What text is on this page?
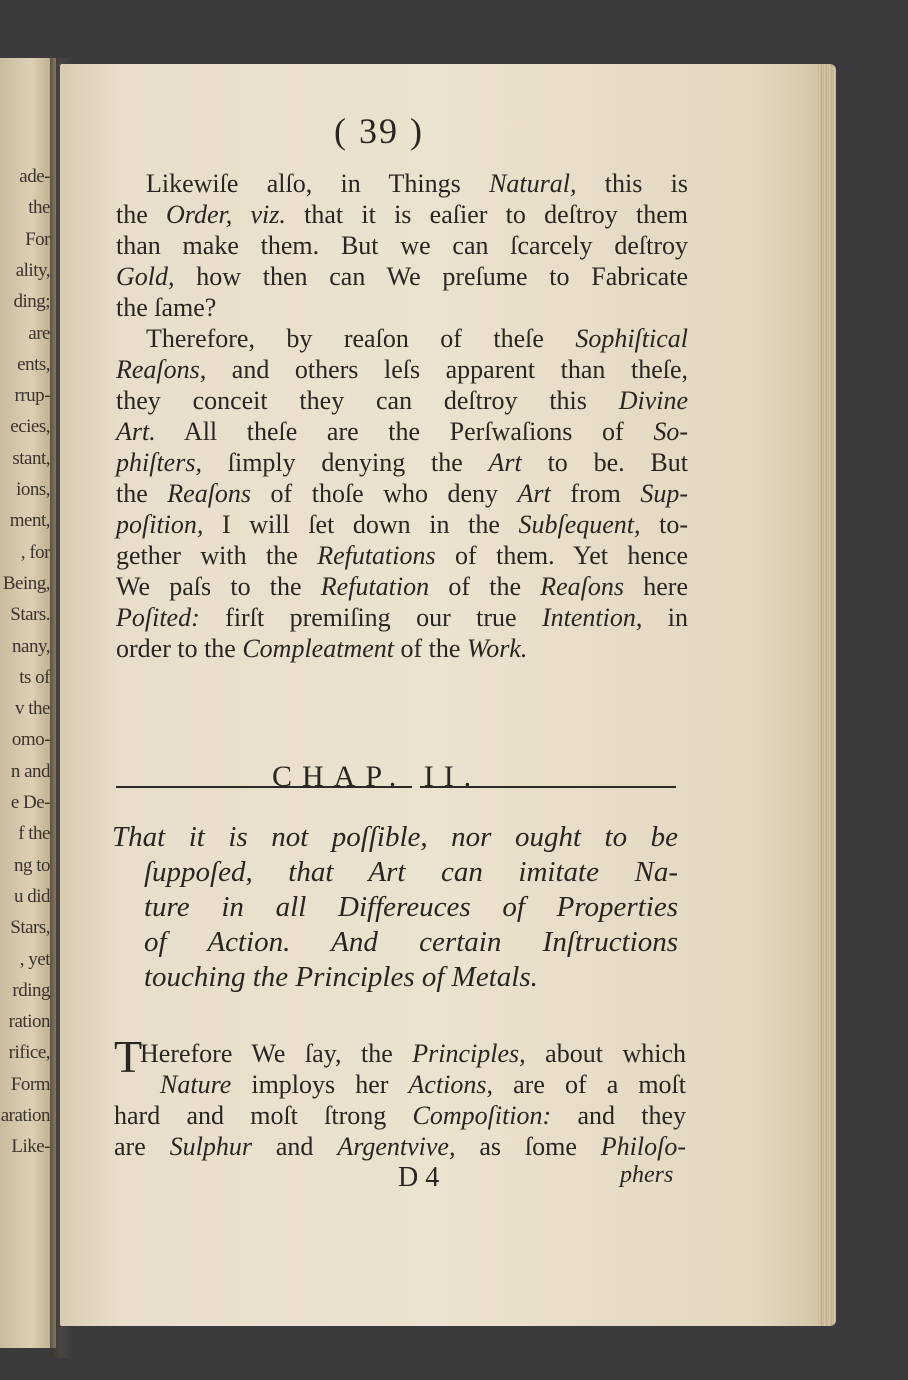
ade-
the
For
ality,
ding;
are
ents,
rrup-
ecies,
stant,
ions,
ment,
, for
Being,
Stars.
nany,
ts of
v the
omo-
n and
e De-
f the
ng to
u did
Stars,
, yet
rding
ration
rifice,
Form
aration
Like-
( 39 )
Likewiſe alſo, in Things Natural, this is
the Order, viz. that it is eaſier to deſtroy them
than make them. But we can ſcarcely deſtroy
Gold, how then can We preſume to Fabricate
the ſame?
Therefore, by reaſon of theſe Sophiſtical
Reaſons, and others leſs apparent than theſe,
they conceit they can deſtroy this Divine
Art. All theſe are the Perſwaſions of So-
phiſters, ſimply denying the Art to be. But
the Reaſons of thoſe who deny Art from Sup-
poſition, I will ſet down in the Subſequent, to-
gether with the Refutations of them. Yet hence
We paſs to the Refutation of the Reaſons here
Poſited: firſt premiſing our true Intention, in
order to the Compleatment of the Work.
CHAP. II.
That it is not poſſible, nor ought to be
ſuppoſed, that Art can imitate Na-
ture in all Differeuces of Properties
of Action. And certain Inſtructions
touching the Principles of Metals.
T
Herefore We ſay, the Principles, about which
Nature imploys her Actions, are of a moſt
hard and moſt ſtrong Compoſition: and they
are Sulphur and Argentvive, as ſome Philoſo-
D 4	phers
